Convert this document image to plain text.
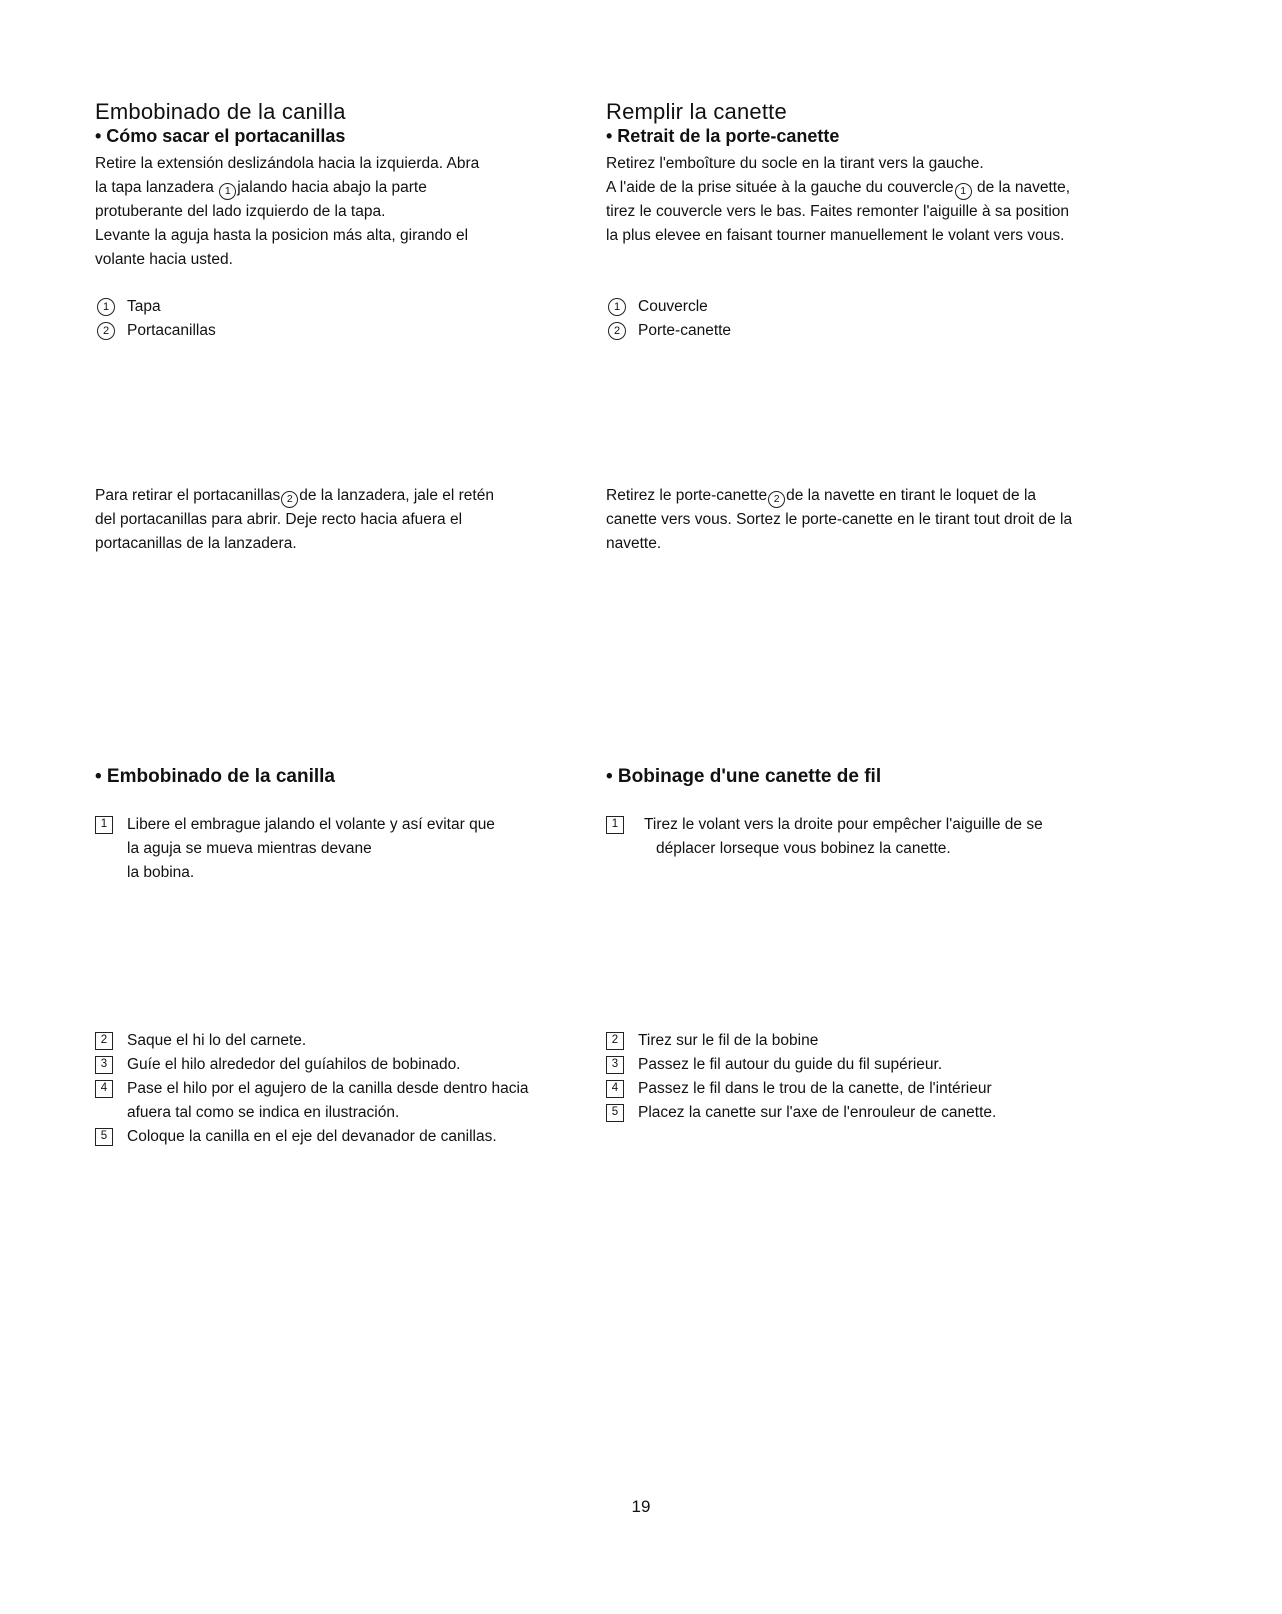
Embobinado de la canilla
• Cómo sacar el portacanillas
Retire la extensión deslizándola hacia la izquierda. Abra
la tapa lanzadera 1 jalando hacia abajo la parte
protuberante del lado izquierdo de la tapa.
Levante la aguja hasta la posicion más alta, girando el
volante hacia usted.
1	Tapa
2	Portacanillas
Para retirar el portacanillas 2 de la lanzadera, jale el retén
del portacanillas para abrir. Deje recto hacia afuera el
portacanillas de la lanzadera.
• Embobinado de la canilla
1	Libere el embrague jalando el volante y así evitar que
la aguja se mueva mientras devane
la bobina.
2	Saque el hi lo del carnete.
3	Guíe el hilo alrededor del guíahilos de bobinado.
4	Pase el hilo por el agujero de la canilla desde dentro hacia
afuera tal como se indica en ilustración.
5	Coloque la canilla en el eje del devanador de canillas.
Remplir la canette
• Retrait de la porte-canette
Retirez l'emboîture du socle en la tirant vers la gauche.
A l'aide de la prise située à la gauche du couvercle 1 de la navette,
tirez le couvercle vers le bas. Faites remonter l'aiguille à sa position
la plus elevee en faisant tourner manuellement le volant vers vous.
1	Couvercle
2	Porte-canette
Retirez le porte-canette 2 de la navette en tirant le loquet de la
canette vers vous. Sortez le porte-canette en le tirant tout droit de la
navette.
• Bobinage d'une canette de fil
1	Tirez le volant vers la droite pour empêcher l'aiguille de se
déplacer lorseque vous bobinez la canette.
2	Tirez sur le fil de la bobine
3	Passez le fil autour du guide du fil supérieur.
4	Passez le fil dans le trou de la canette, de l'intérieur
5	Placez la canette sur l'axe de l'enrouleur de canette.
19
